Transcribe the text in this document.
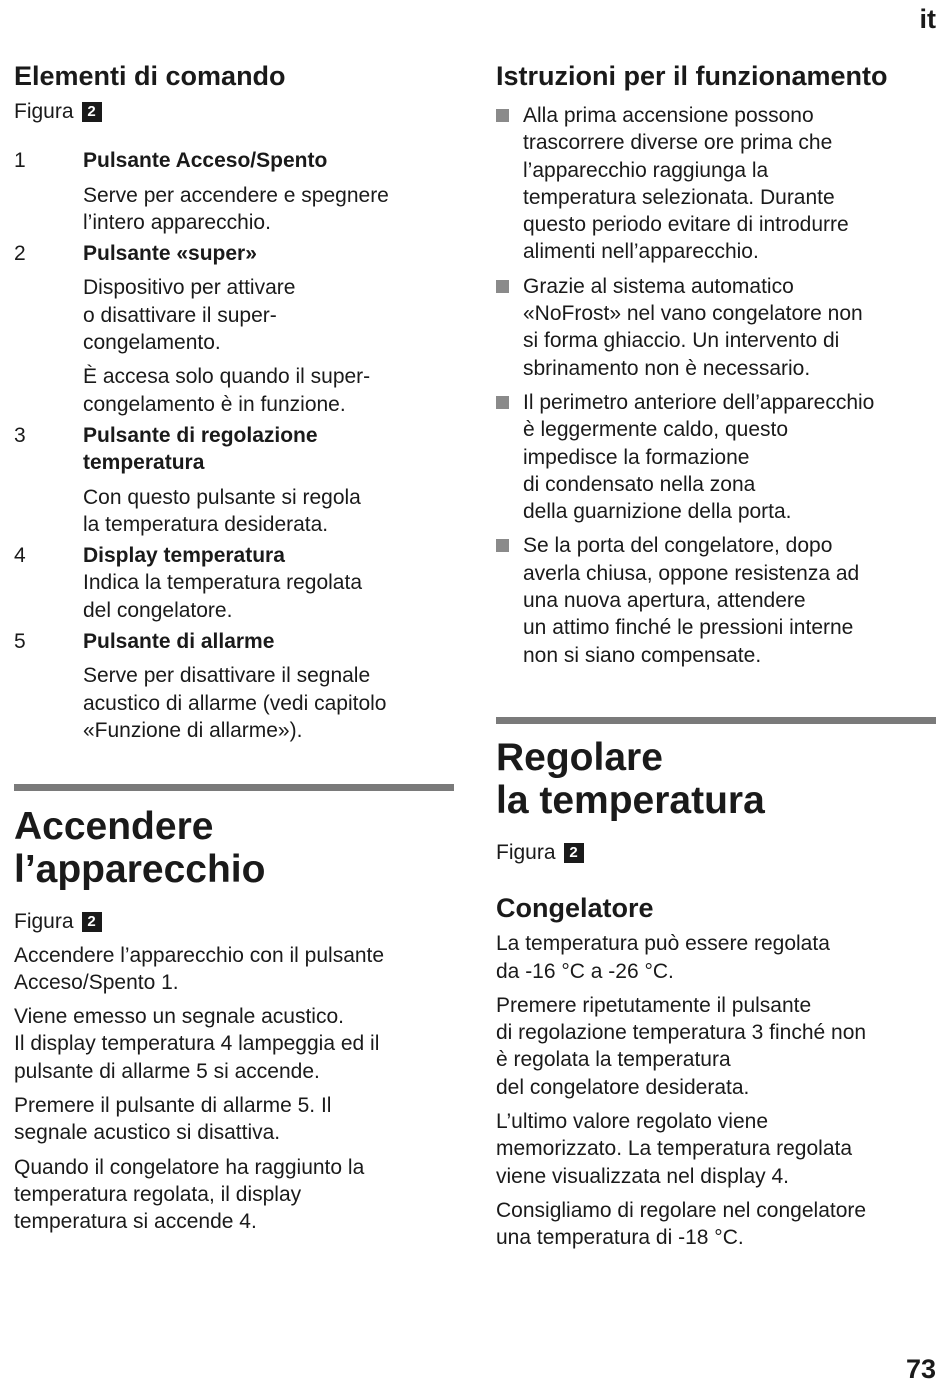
it
Elementi di comando

Figura 2

1	Pulsante Acceso/Spento

Serve per accendere e spegnere
l’intero apparecchio.

2	Pulsante «super»

Dispositivo per attivare
o disattivare il super-
congelamento.

È accesa solo quando il super-
congelamento è in funzione.

3	Pulsante di regolazione
temperatura

Con questo pulsante si regola
la temperatura desiderata.

4	Display temperatura

Indica la temperatura regolata
del congelatore.

5	Pulsante di allarme

Serve per disattivare il segnale
acustico di allarme (vedi capitolo
«Funzione di allarme»).

Accendere
l’apparecchio

Figura 2

Accendere l’apparecchio con il pulsante
Acceso/Spento 1.

Viene emesso un segnale acustico.
Il display temperatura 4 lampeggia ed il
pulsante di allarme 5 si accende.

Premere il pulsante di allarme 5. Il
segnale acustico si disattiva.

Quando il congelatore ha raggiunto la
temperatura regolata, il display
temperatura si accende 4.

Istruzioni per il funzionamento

Alla prima accensione possono
trascorrere diverse ore prima che
l’apparecchio raggiunga la
temperatura selezionata. Durante
questo periodo evitare di introdurre
alimenti nell’apparecchio.

Grazie al sistema automatico
«NoFrost» nel vano congelatore non
si forma ghiaccio. Un intervento di
sbrinamento non è necessario.

Il perimetro anteriore dell’apparecchio
è leggermente caldo, questo
impedisce la formazione
di condensato nella zona
della guarnizione della porta.

Se la porta del congelatore, dopo
averla chiusa, oppone resistenza ad
una nuova apertura, attendere
un attimo finché le pressioni interne
non si siano compensate.

Regolare
la temperatura

Figura 2
Congelatore

La temperatura può essere regolata
da -16 °C a -26 °C.

Premere ripetutamente il pulsante
di regolazione temperatura 3 finché non
è regolata la temperatura
del congelatore desiderata.

L’ultimo valore regolato viene
memorizzato. La temperatura regolata
viene visualizzata nel display 4.

Consigliamo di regolare nel congelatore
una temperatura di -18 °C.

73
